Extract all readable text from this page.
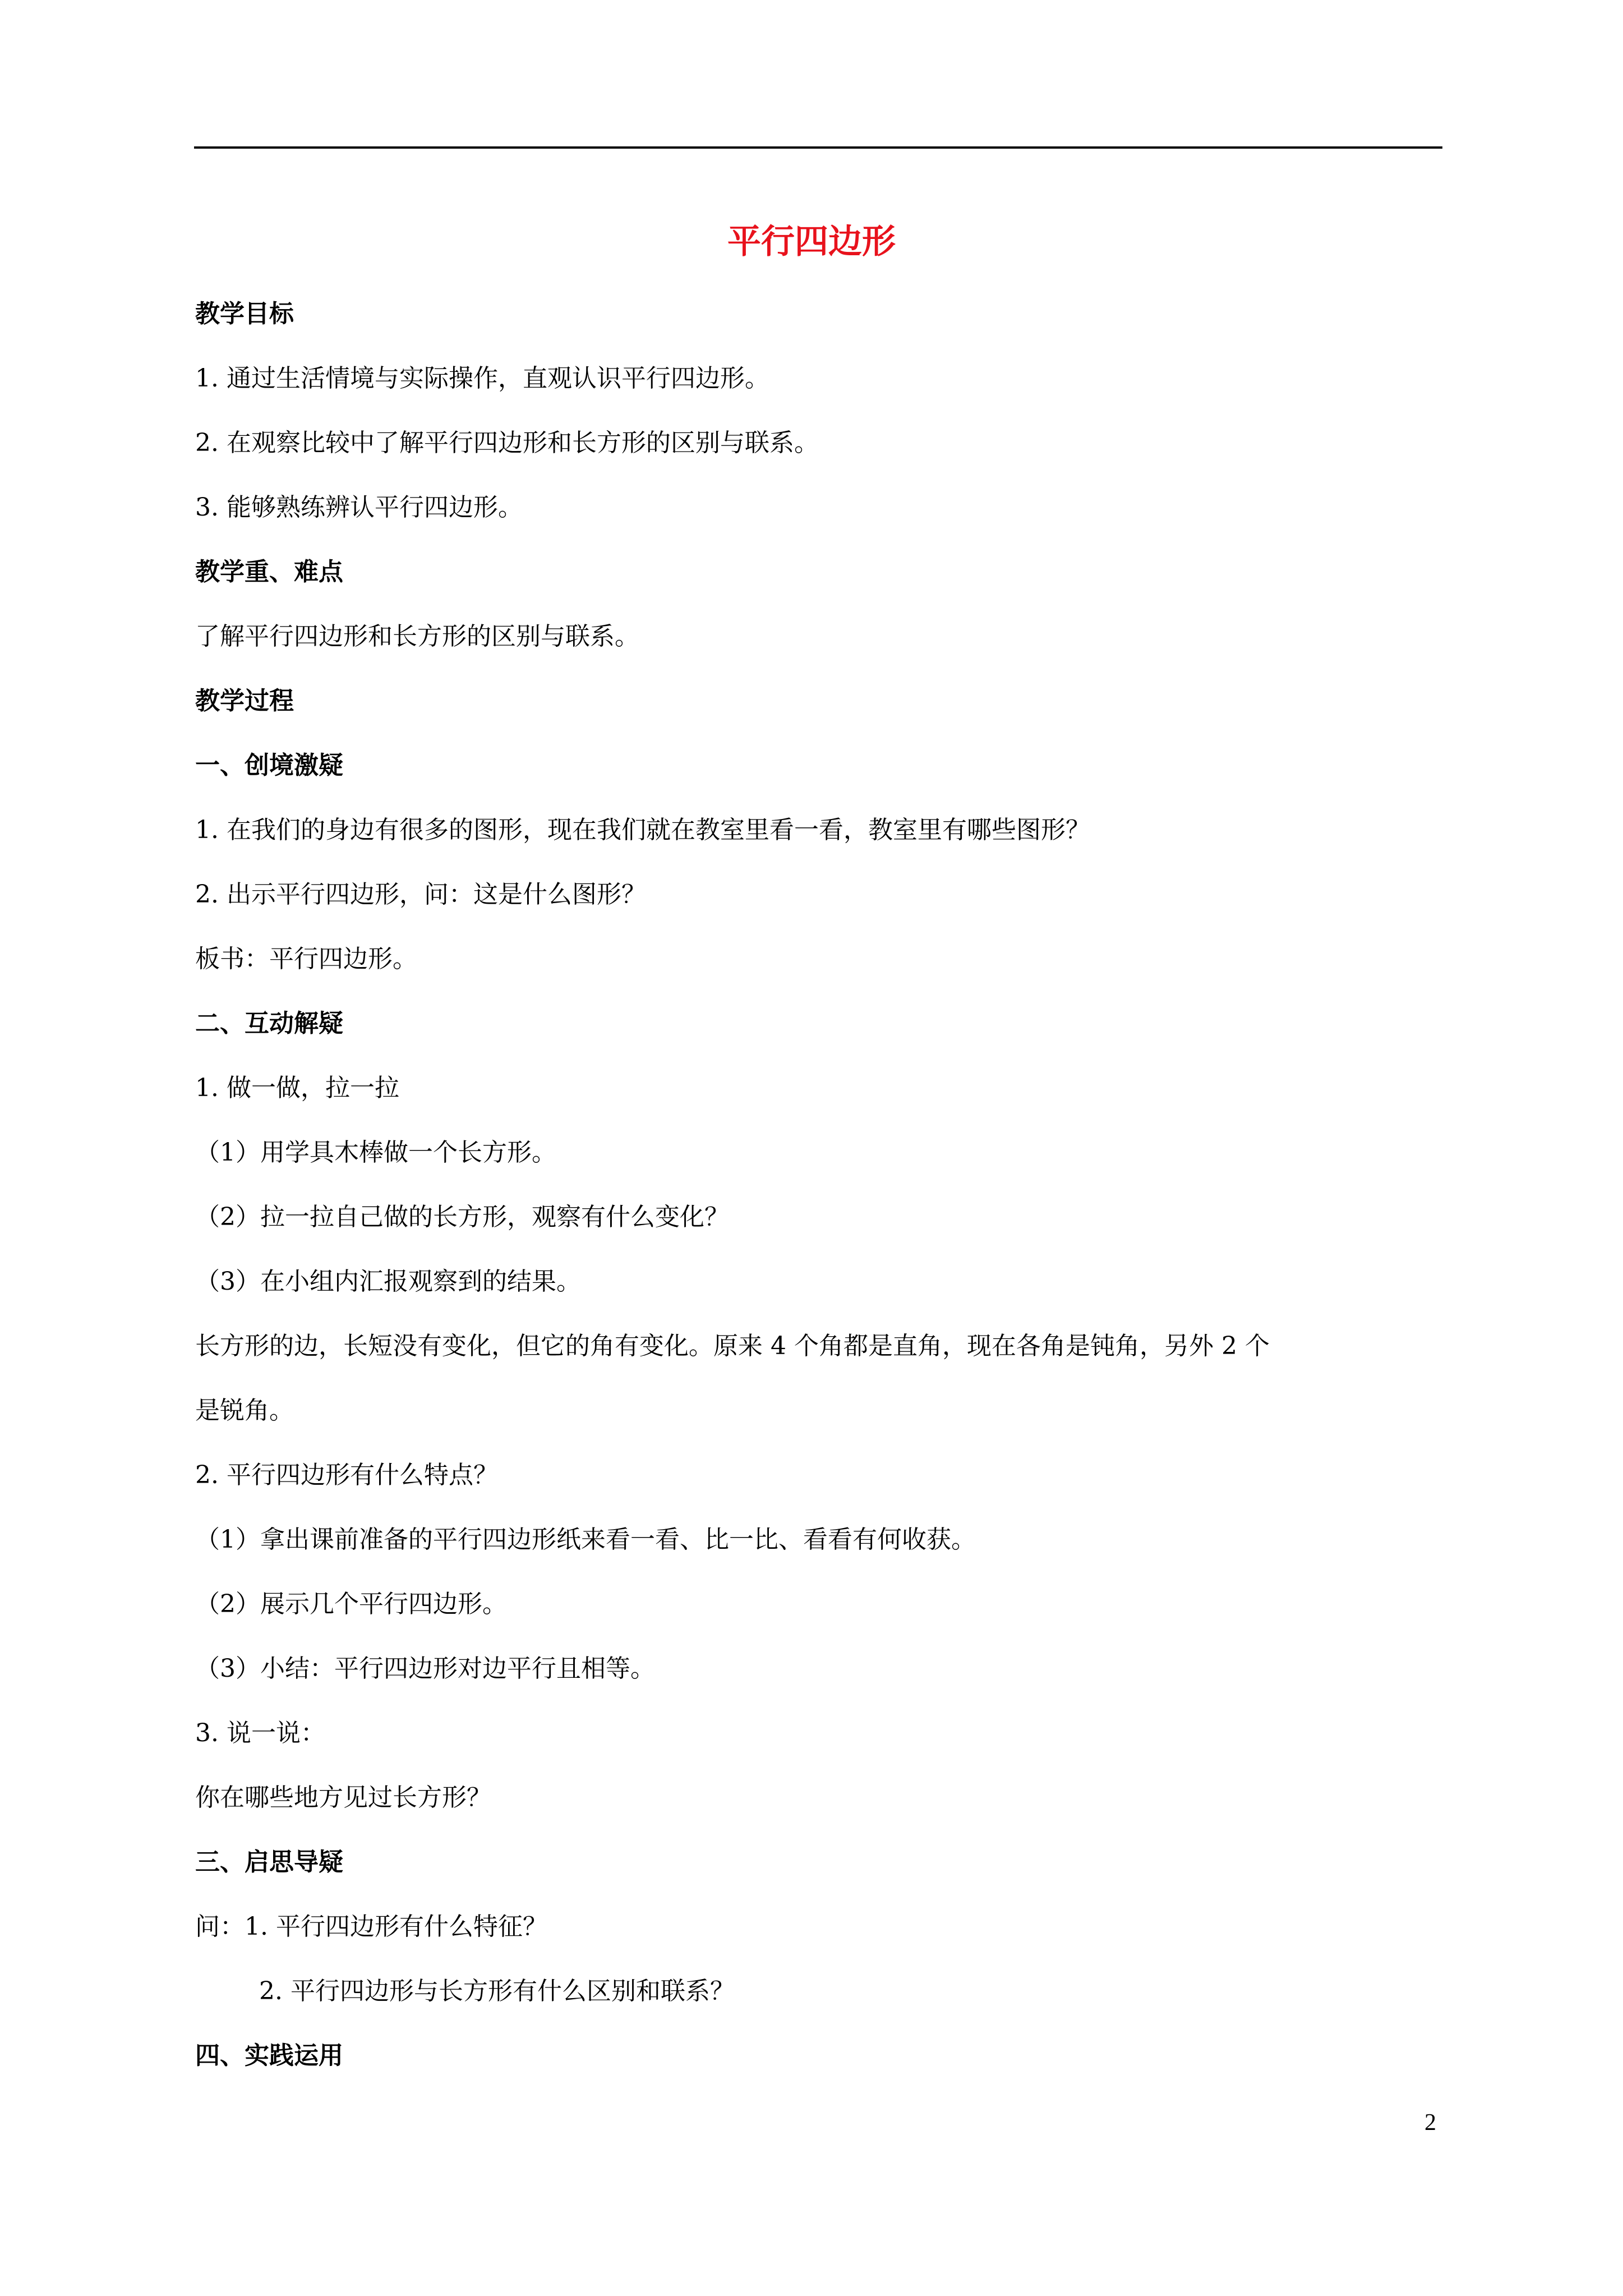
平行四边形
教学目标
1. 通过生活情境与实际操作，直观认识平行四边形。
2. 在观察比较中了解平行四边形和长方形的区别与联系。
3. 能够熟练辨认平行四边形。
教学重、难点
了解平行四边形和长方形的区别与联系。
教学过程
一、创境激疑
1. 在我们的身边有很多的图形，现在我们就在教室里看一看，教室里有哪些图形？
2. 出示平行四边形，问：这是什么图形？
板书：平行四边形。
二、互动解疑
1. 做一做，拉一拉
（1）用学具木棒做一个长方形。
（2）拉一拉自己做的长方形，观察有什么变化？
（3）在小组内汇报观察到的结果。
长方形的边，长短没有变化，但它的角有变化。原来 4 个角都是直角，现在各角是钝角，另外 2 个
是锐角。
2. 平行四边形有什么特点？
（1）拿出课前准备的平行四边形纸来看一看、比一比、看看有何收获。
（2）展示几个平行四边形。
（3）小结：平行四边形对边平行且相等。
3. 说一说：
你在哪些地方见过长方形？
三、启思导疑
问：1. 平行四边形有什么特征？
2. 平行四边形与长方形有什么区别和联系？
四、实践运用
2
